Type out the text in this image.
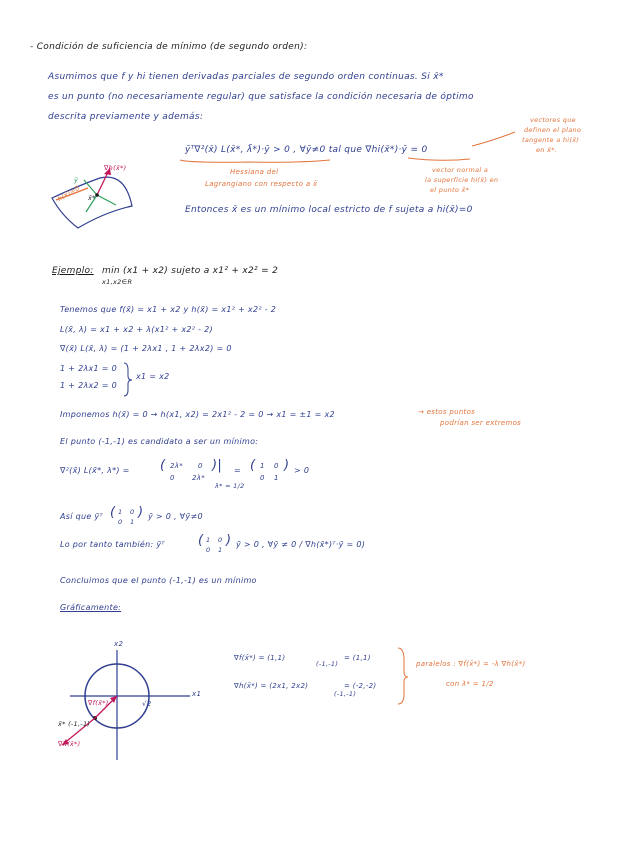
- Condición de suficiencia de mínimo (de segundo orden):
Asumimos que f y hi tienen derivadas parciales de segundo orden continuas. Si x̄*
es un punto (no necesariamente regular) que satisface la condición necesaria de óptimo
descrita previamente y además:
ȳᵀ∇²(x̄) L(x̄*, λ̄*)·ȳ > 0 , ∀ȳ≠0 tal que ∇hi(x̄*)·ȳ = 0
vectores que
definen el plano
tangente a hi(x̄)
en x̄*.
Hessiana del
Lagrangiano con respecto a x̄
vector normal a
la superficie hi(x̄) en
el punto x̄*
Entonces x̄ es un mínimo local estricto de f sujeta a hi(x̄)=0
∇h(x̄*)
x̄*
h(x̄)=0
ȳ
Ejemplo: min (x1 + x2) sujeto a x1² + x2² = 2
x1,x2∈R
Tenemos que f(x̄) = x1 + x2 y h(x̄) = x1² + x2² - 2
L(x̄, λ) = x1 + x2 + λ(x1² + x2² - 2)
∇(x̄) L(x̄, λ) = (1 + 2λx1 , 1 + 2λx2) = 0
1 + 2λx1 = 0
1 + 2λx2 = 0
x1 = x2
Imponemos h(x̄) = 0 → h(x1, x2) = 2x1² - 2 = 0 → x1 = ±1 = x2	→ estos puntos
podrían ser extremos
El punto (-1,-1) es candidato a ser un mínimo:
∇²(x̄) L(x̄*, λ*) = ( 2λ* 0
0 2λ*
)|
λ* = 1/2
= ( 1 0
0 1
) > 0
Así que ȳᵀ ( 1 0
0 1
) ȳ > 0 , ∀ȳ≠0
Lo por tanto también: ȳᵀ	( 1 0
0 1
) ȳ > 0 , ∀ȳ ≠ 0 / ∇h(x̄*)ᵀ·ȳ = 0)
Concluimos que el punto (-1,-1) es un mínimo
Gráficamente:
x2
x1
√2
∇f(x̄*)
x̄* (-1,-1)
∇h(x̄*)
∇f(x̄*) = (1,1)
(-1,-1)
= (1,1)
∇h(x̄*) = (2x1, 2x2)
(-1,-1)
= (-2,-2)
paralelos : ∇f(x̄*) = -λ ∇h(x̄*)
con λ* = 1/2
